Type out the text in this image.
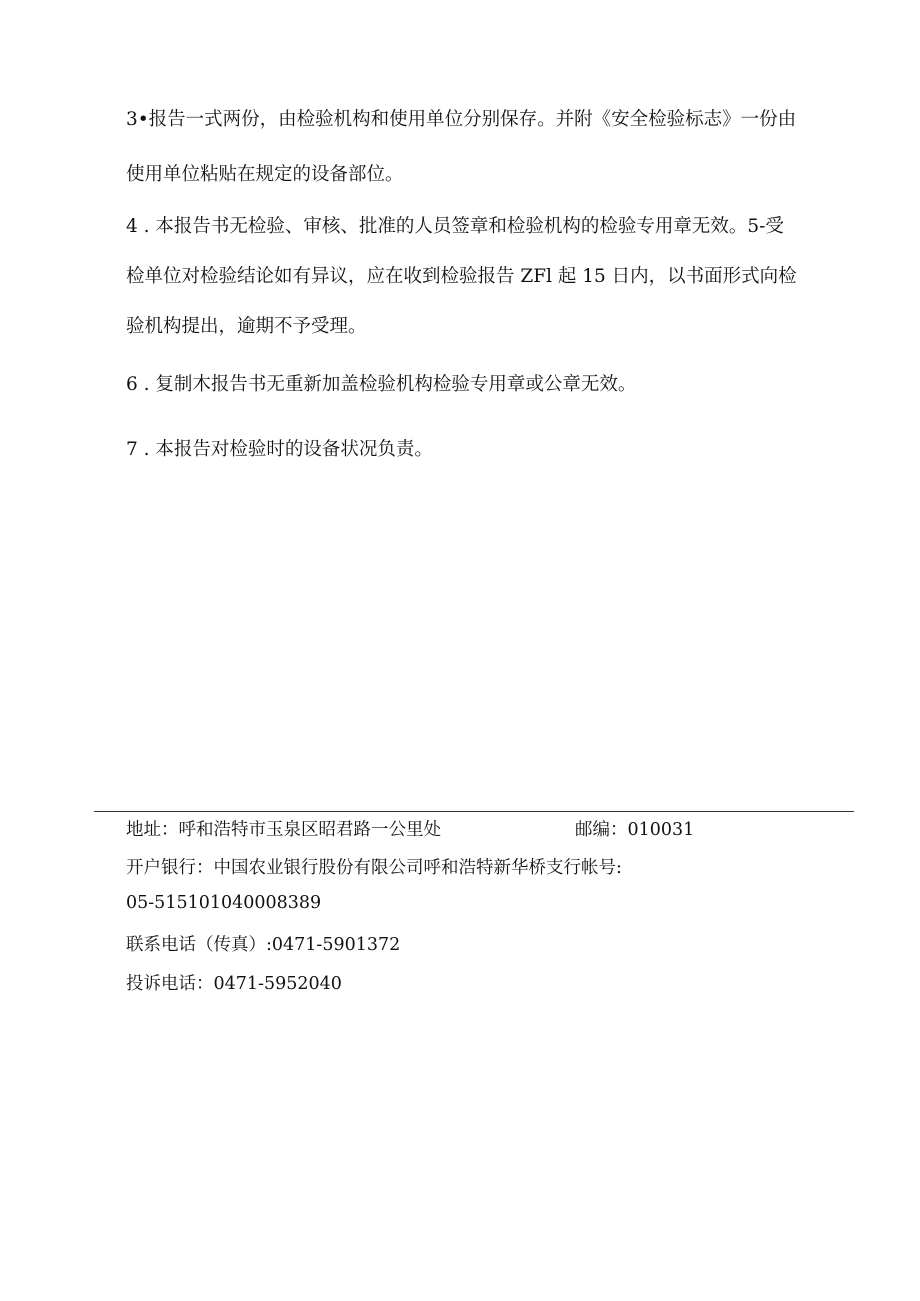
3•报告一式两份，由检验机构和使用单位分别保存。并附《安全检验标志》一份由
使用单位粘贴在规定的设备部位。
4 . 本报告书无检验、审核、批准的人员签章和检验机构的检验专用章无效。5-受
检单位对检验结论如有异议，应在收到检验报告 ZFl 起 15 日内，以书面形式向检
验机构提出，逾期不予受理。
6 . 复制木报告书无重新加盖检验机构检验专用章或公章无效。
7 . 本报告对检验时的设备状况负责。
地址：呼和浩特市玉泉区昭君路一公里处	邮编：010031
开户银行：中国农业银行股份有限公司呼和浩特新华桥支行帐号:
05-515101040008389
联系电话（传真）:0471-5901372
投诉电话：0471-5952040
